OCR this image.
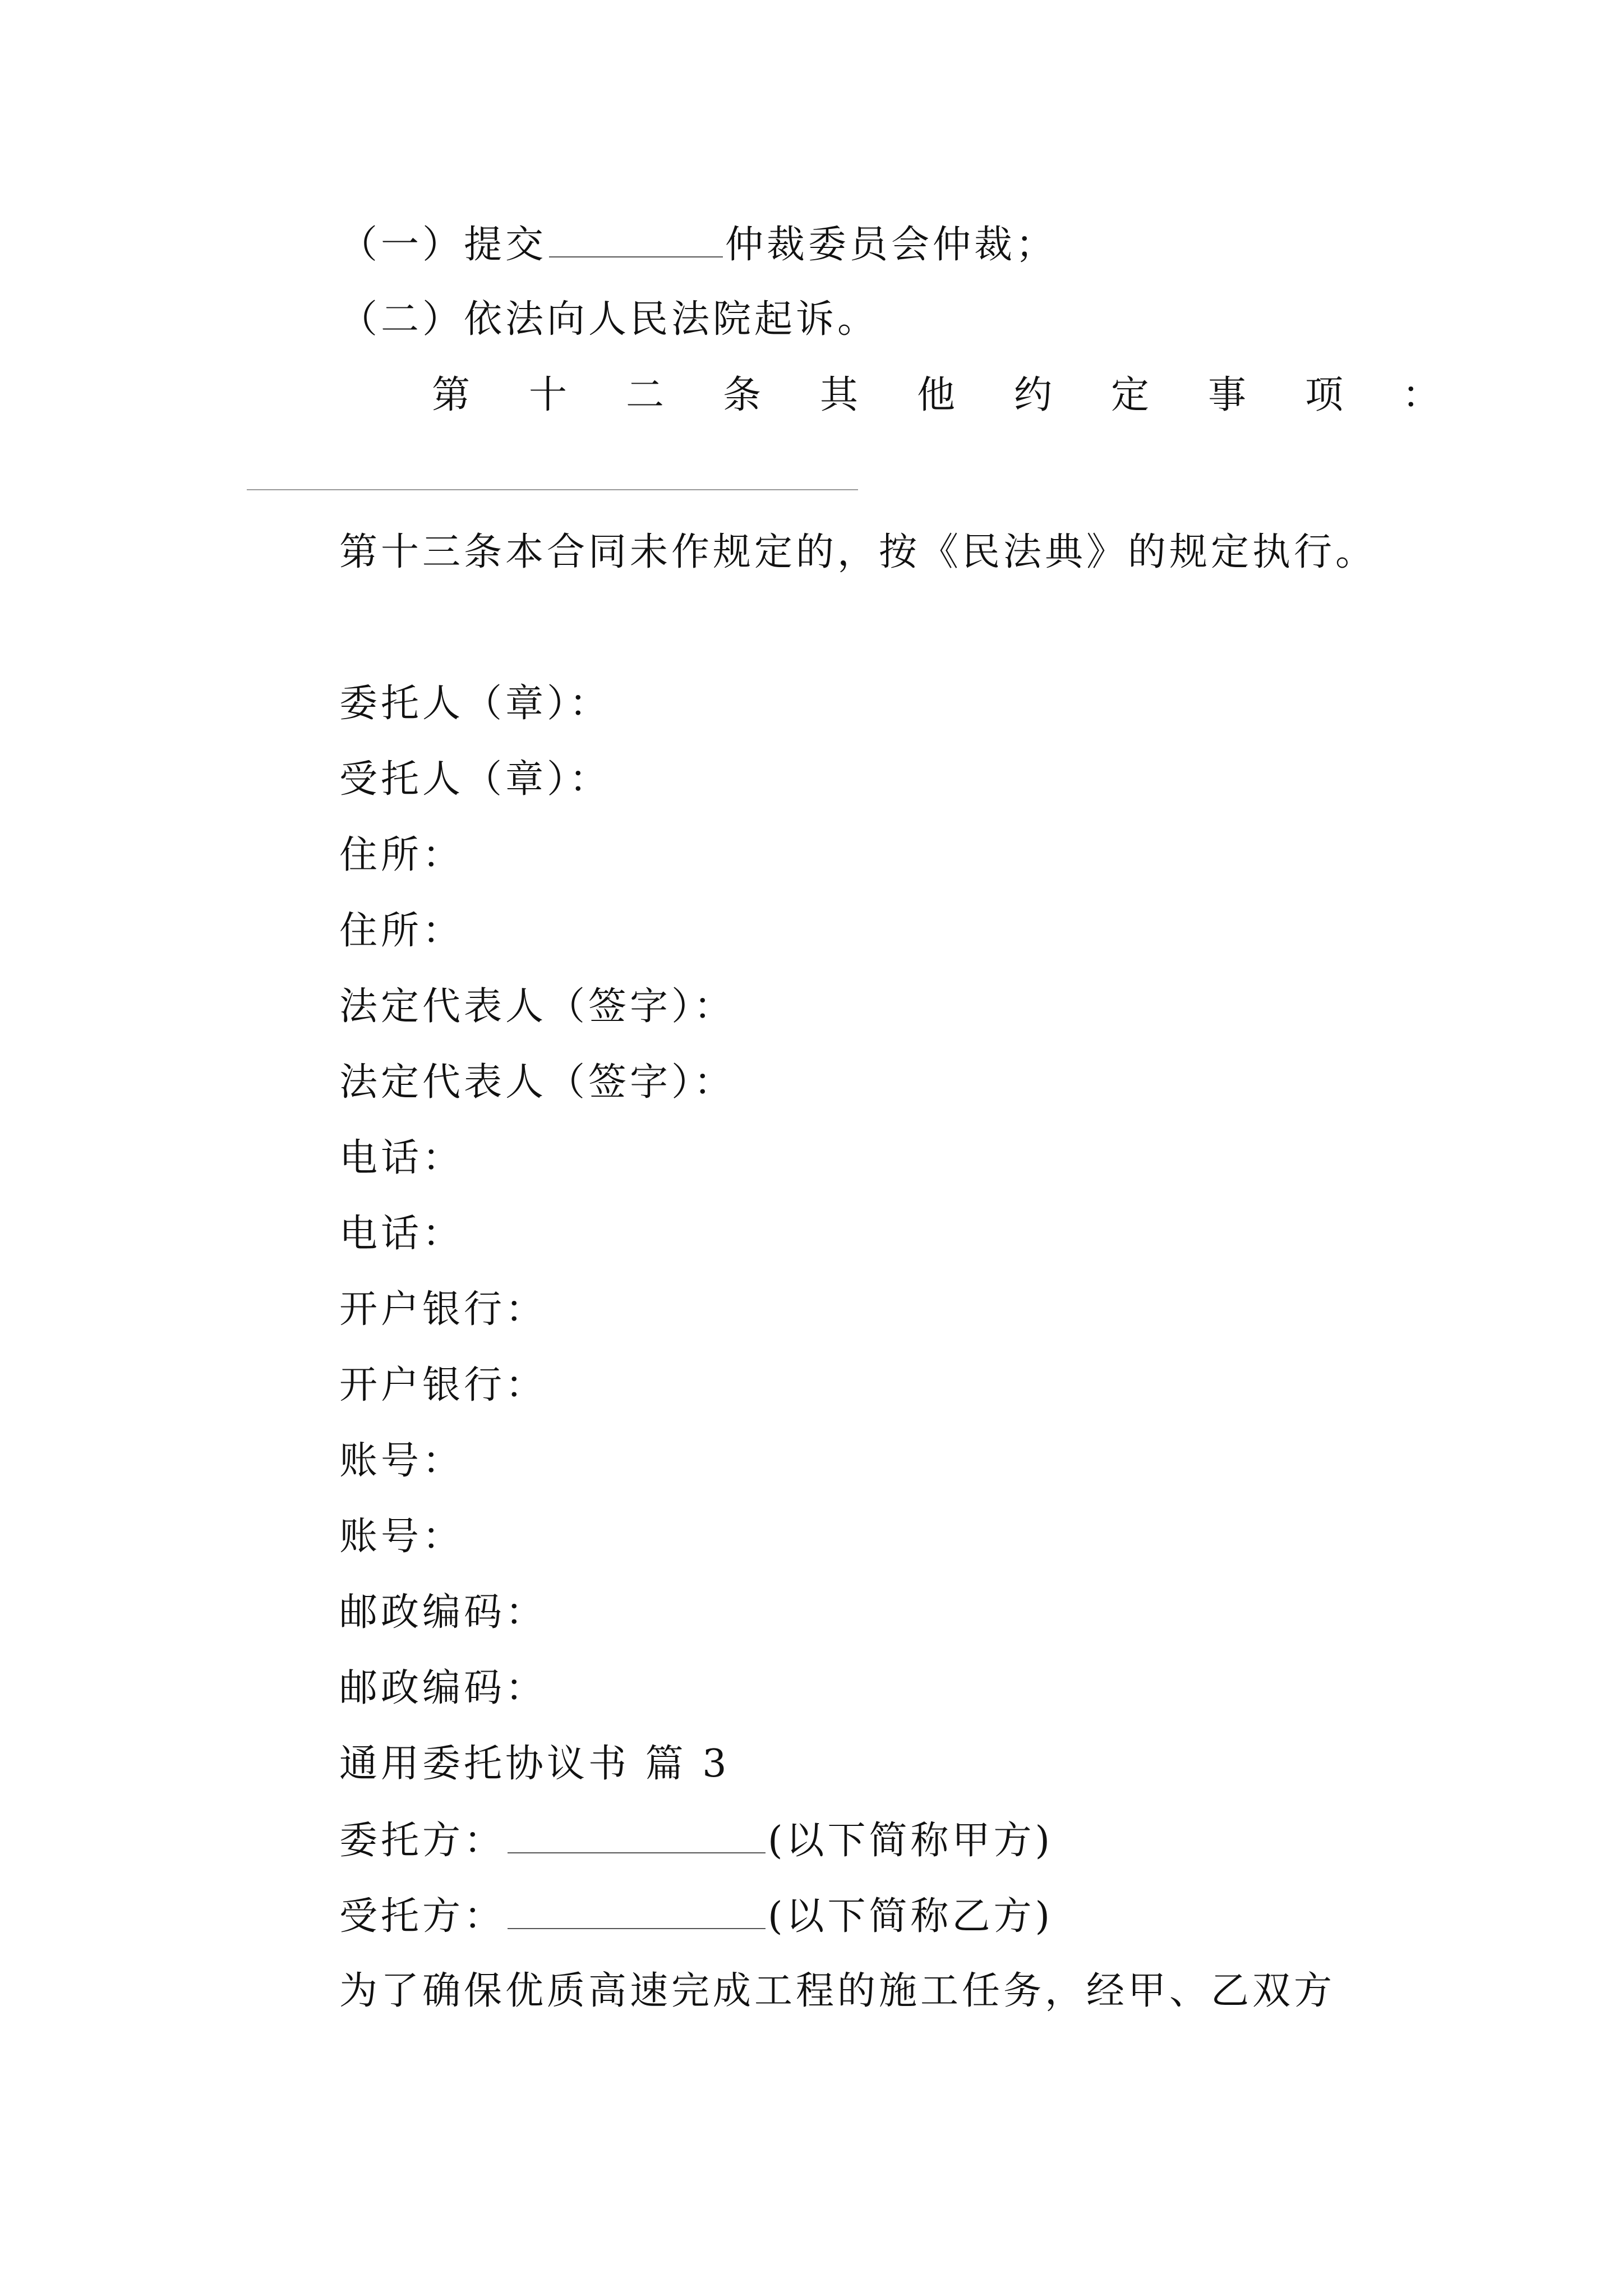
（一）提交	仲裁委员会仲裁；
（二）依法向人民法院起诉。
第十二条其他约定事项：
第十三条本合同未作规定的，按《民法典》的规定执行。
委托人（章）：
受托人（章）：
住所：
住所：
法定代表人（签字）：
法定代表人（签字）：
电话：
电话：
开户银行：
开户银行：
账号：
账号：
邮政编码：
邮政编码：
通用委托协议书 篇 3
委托方：	(以下简称甲方)
受托方：	(以下简称乙方)
为了确保优质高速完成工程的施工任务，经甲、乙双方
